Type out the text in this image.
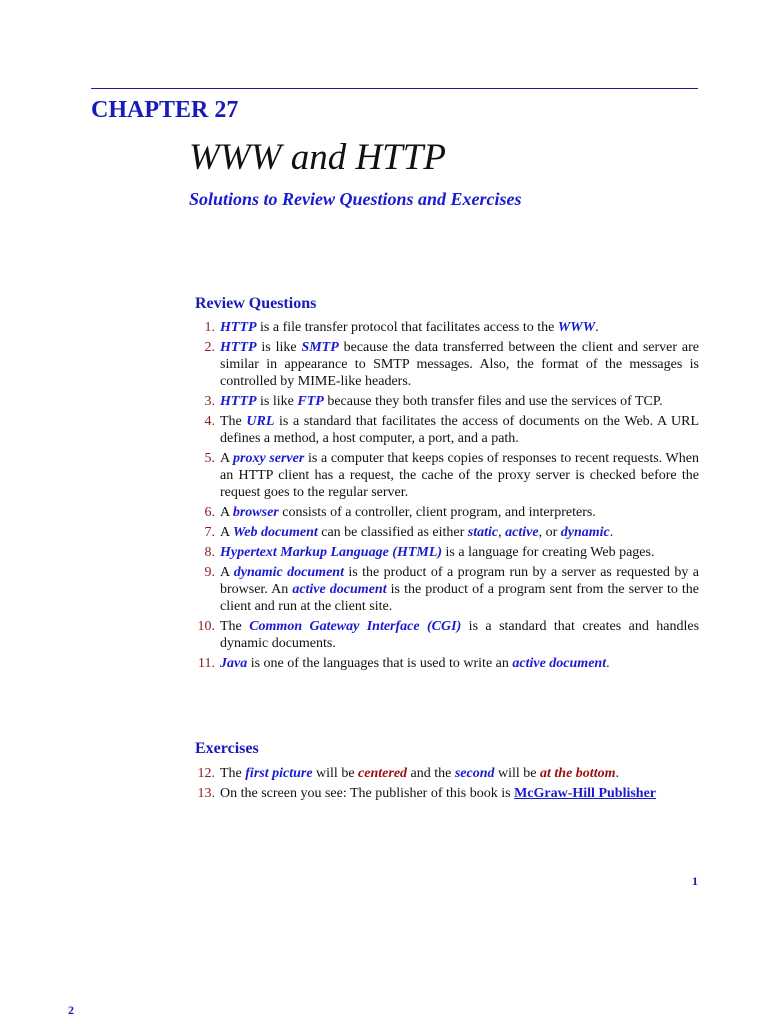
CHAPTER 27
WWW and HTTP
Solutions to Review Questions and Exercises
Review Questions
1. HTTP is a file transfer protocol that facilitates access to the WWW.
2. HTTP is like SMTP because the data transferred between the client and server are similar in appearance to SMTP messages. Also, the format of the messages is controlled by MIME-like headers.
3. HTTP is like FTP because they both transfer files and use the services of TCP.
4. The URL is a standard that facilitates the access of documents on the Web. A URL defines a method, a host computer, a port, and a path.
5. A proxy server is a computer that keeps copies of responses to recent requests. When an HTTP client has a request, the cache of the proxy server is checked before the request goes to the regular server.
6. A browser consists of a controller, client program, and interpreters.
7. A Web document can be classified as either static, active, or dynamic.
8. Hypertext Markup Language (HTML) is a language for creating Web pages.
9. A dynamic document is the product of a program run by a server as requested by a browser. An active document is the product of a program sent from the server to the client and run at the client site.
10. The Common Gateway Interface (CGI) is a standard that creates and handles dynamic documents.
11. Java is one of the languages that is used to write an active document.
Exercises
12. The first picture will be centered and the second will be at the bottom.
13. On the screen you see: The publisher of this book is McGraw-Hill Publisher
1
2
